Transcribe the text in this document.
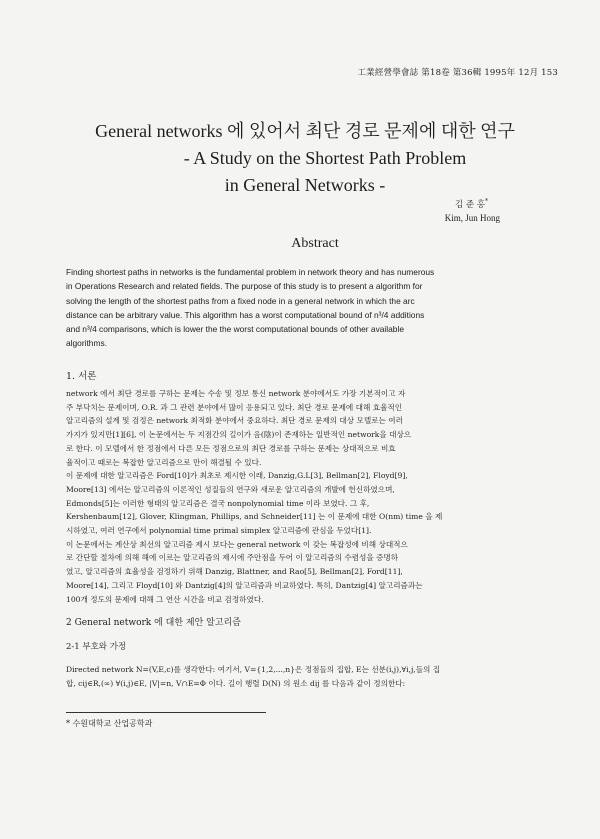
工業經營學會誌 第18卷 第36輯 1995年 12月 153
General networks 에 있어서 최단 경로 문제에 대한 연구
- A Study on the Shortest Path Problem
in General Networks -
김 준 홍*
Kim, Jun Hong
Abstract

Finding shortest paths in networks is the fundamental problem in network theory and has numerous

in Operations Research and related fields. The purpose of this study is to present a algorithm for

solving the length of the shortest paths from a fixed node in a general network in which the arc

distance can be arbitrary value. This algorithm has a worst computational bound of n³/4 additions

and n³/4 comparisons, which is lower the the worst computational bounds of other available

algorithms.

1. 서론
network 에서 최단 경로를 구하는 문제는 수송 및 정보 통신 network 분야에서도 가장 기본적이고 자
주 부닥치는 문제이며, O.R. 과 그 관련 분야에서 많이 응용되고 있다. 최단 경로 문제에 대해 효율적인
알고리즘의 설계 및 검정은 network 최적화 분야에서 중요하다. 최단 경로 문제의 대상 모델로는 여러
가지가 있지만[1][6], 이 논문에서는 두 지점간의 길이가 음(陰)이 존재하는 일반적인 network을 대상으
로 한다. 이 모델에서 한 정점에서 다른 모든 정점으로의 최단 경로를 구하는 문제는 상대적으로 비효
율적이고 때로는 복잡한 알고리즘으로 만이 해결될 수 있다.
이 문제에 대한 알고리즘은 Ford[10]가 최초로 제시한 이래, Danzig,G.L[3], Bellman[2], Floyd[9],
Moore[13] 에서는 알고리즘의 이론적인 성질들의 연구와 새로운 알고리즘의 개발에 헌신하였으며,
Edmonds[5]는 이러한 형태의 알고리즘은 결국 nonpolynomial time 이라 보였다. 그 후,
Kershenbaum[12], Glover, Klingman, Phillips, and Schneider[11] 는 이 문제에 대한 O(nm) time 을 제
시하였고, 여러 연구에서 polynomial time primal simplex 알고리즘에 관심을 두었다[1].
이 논문에서는 계산상 최선의 알고리즘 제시 보다는 general network 이 갖는 복잡성에 비해 상대적으
로 간단할 절차에 의해 해에 이르는 알고리즘의 제시에 주안점을 두어 이 알고리즘의 수렴성을 증명하
였고, 알고리즘의 효율성을 검정하기 위해 Danzig, Blattner, and Rao[5], Bellman[2], Ford[11],
Moore[14], 그리고 Floyd[10] 와 Dantzig[4]의 알고리즘과 비교하였다. 특히, Dantzig[4] 알고리즘과는
100개 정도의 문제에 대해 그 연산 시간을 비교 검정하였다.
2 General network 에 대한 제안 알고리즘
2-1 부호와 가정
Directed network N=(V,E,c)를 생각한다: 여기서, V={1,2,...,n}은 정점들의 집합, E는 선분(i,j),∀i,j,들의 집
합, cij∈R,(∞) ∀(i,j)∈E, |V|=n, V∩E=Φ 이다. 길이 행렬 D(N) 의 원소 dij 를 다음과 같이 정의한다:
* 수원대학교 산업공학과
